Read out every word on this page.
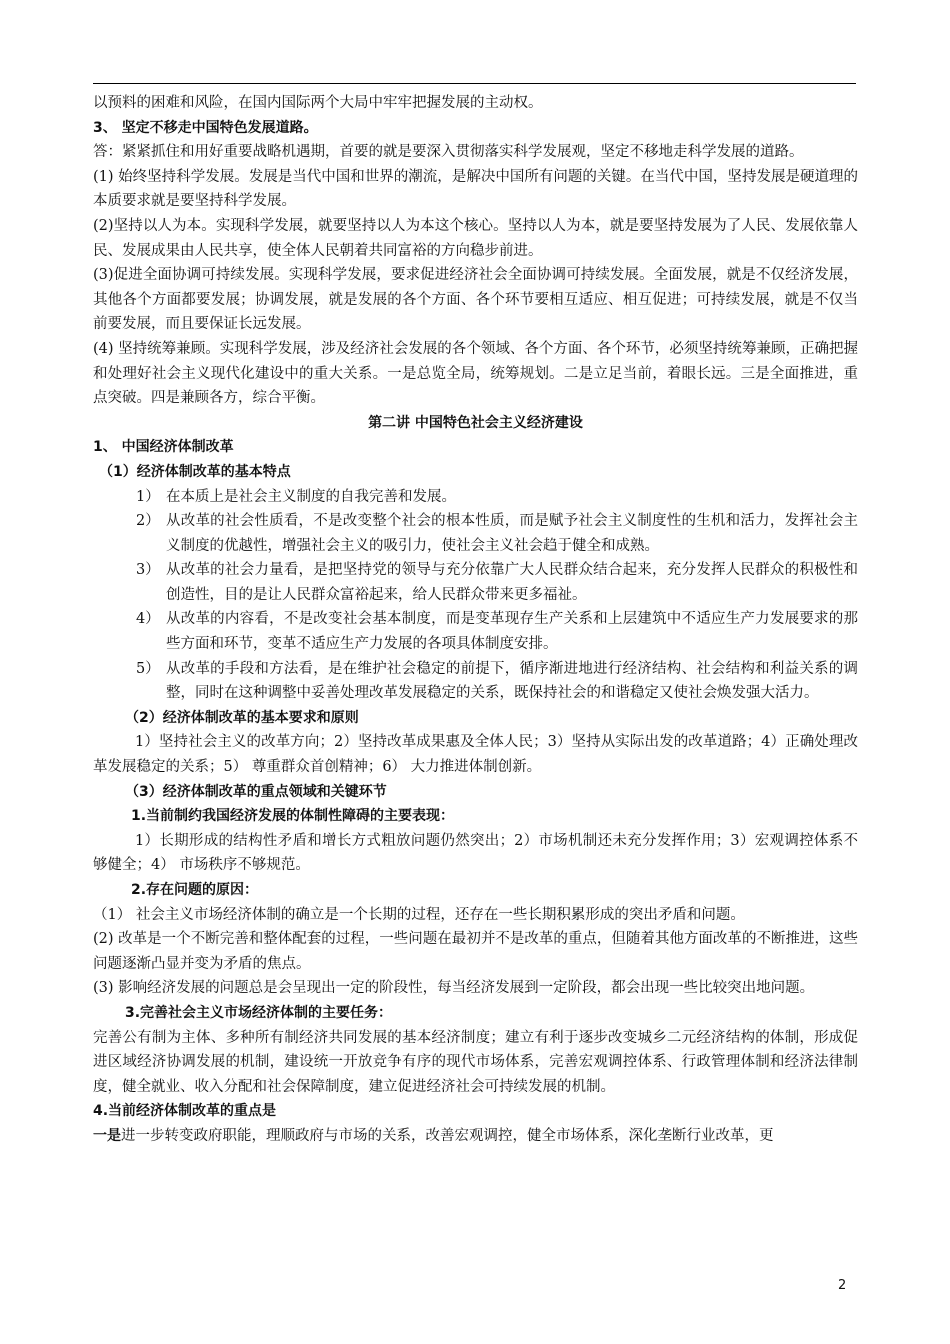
以预料的困难和风险，在国内国际两个大局中牢牢把握发展的主动权。

3、 坚定不移走中国特色发展道路。

答：紧紧抓住和用好重要战略机遇期，首要的就是要深入贯彻落实科学发展观，坚定不移地走科学发展的道路。

(1) 始终坚持科学发展。发展是当代中国和世界的潮流，是解决中国所有问题的关键。在当代中国，坚持发展是硬道理的本质要求就是要坚持科学发展。

(2)坚持以人为本。实现科学发展，就要坚持以人为本这个核心。坚持以人为本，就是要坚持发展为了人民、发展依靠人民、发展成果由人民共享，使全体人民朝着共同富裕的方向稳步前进。

(3)促进全面协调可持续发展。实现科学发展，要求促进经济社会全面协调可持续发展。全面发展，就是不仅经济发展，其他各个方面都要发展；协调发展，就是发展的各个方面、各个环节要相互适应、相互促进；可持续发展，就是不仅当前要发展，而且要保证长远发展。

(4) 坚持统筹兼顾。实现科学发展，涉及经济社会发展的各个领域、各个方面、各个环节，必须坚持统筹兼顾，正确把握和处理好社会主义现代化建设中的重大关系。一是总览全局，统筹规划。二是立足当前，着眼长远。三是全面推进，重点突破。四是兼顾各方，综合平衡。

第二讲 中国特色社会主义经济建设

1、 中国经济体制改革

（1）经济体制改革的基本特点

1） 在本质上是社会主义制度的自我完善和发展。

2） 从改革的社会性质看，不是改变整个社会的根本性质，而是赋予社会主义制度性的生机和活力，发挥社会主义制度的优越性，增强社会主义的吸引力，使社会主义社会趋于健全和成熟。

3） 从改革的社会力量看，是把坚持党的领导与充分依靠广大人民群众结合起来，充分发挥人民群众的积极性和创造性，目的是让人民群众富裕起来，给人民群众带来更多福祉。

4） 从改革的内容看，不是改变社会基本制度，而是变革现存生产关系和上层建筑中不适应生产力发展要求的那些方面和环节，变革不适应生产力发展的各项具体制度安排。

5） 从改革的手段和方法看，是在维护社会稳定的前提下，循序渐进地进行经济结构、社会结构和利益关系的调整，同时在这种调整中妥善处理改革发展稳定的关系，既保持社会的和谐稳定又使社会焕发强大活力。

（2）经济体制改革的基本要求和原则

1）坚持社会主义的改革方向；2）坚持改革成果惠及全体人民；3）坚持从实际出发的改革道路；4）正确处理改革发展稳定的关系；5） 尊重群众首创精神；6） 大力推进体制创新。

（3）经济体制改革的重点领域和关键环节

1.当前制约我国经济发展的体制性障碍的主要表现：

1）长期形成的结构性矛盾和增长方式粗放问题仍然突出；2）市场机制还未充分发挥作用；3）宏观调控体系不够健全；4） 市场秩序不够规范。

2.存在问题的原因：

（1） 社会主义市场经济体制的确立是一个长期的过程，还存在一些长期积累形成的突出矛盾和问题。

(2) 改革是一个不断完善和整体配套的过程，一些问题在最初并不是改革的重点，但随着其他方面改革的不断推进，这些问题逐渐凸显并变为矛盾的焦点。

(3) 影响经济发展的问题总是会呈现出一定的阶段性，每当经济发展到一定阶段，都会出现一些比较突出地问题。

3.完善社会主义市场经济体制的主要任务：

完善公有制为主体、多种所有制经济共同发展的基本经济制度；建立有利于逐步改变城乡二元经济结构的体制，形成促进区域经济协调发展的机制，建设统一开放竞争有序的现代市场体系，完善宏观调控体系、行政管理体制和经济法律制度，健全就业、收入分配和社会保障制度，建立促进经济社会可持续发展的机制。

4.当前经济体制改革的重点是

一是进一步转变政府职能，理顺政府与市场的关系，改善宏观调控，健全市场体系，深化垄断行业改革，更

2
